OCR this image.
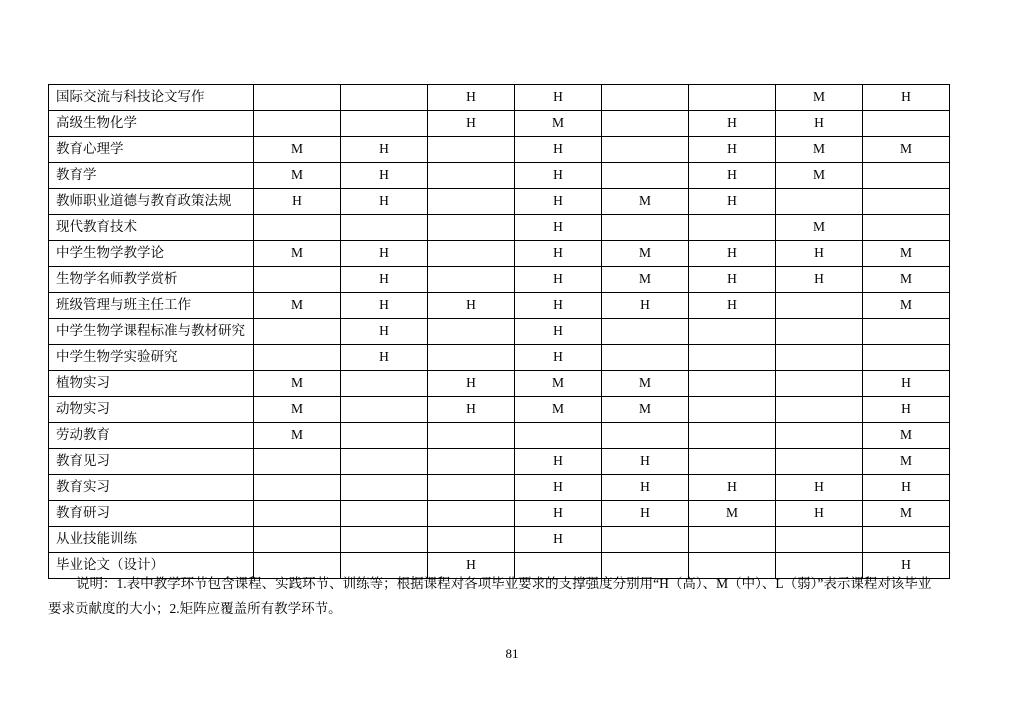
国际交流与科技论文写作			H	H			M	H
高级生物化学			H	M		H	H	
教育心理学	M	H		H		H	M	M
教育学	M	H		H		H	M	
教师职业道德与教育政策法规	H	H		H	M	H		
现代教育技术				H			M	
中学生物学教学论	M	H		H	M	H	H	M
生物学名师教学赏析		H		H	M	H	H	M
班级管理与班主任工作	M	H	H	H	H	H		M
中学生物学课程标准与教材研究		H		H				
中学生物学实验研究		H		H				
植物实习	M		H	M	M			H
动物实习	M		H	M	M			H
劳动教育	M							M
教育见习				H	H			M
教育实习				H	H	H	H	H
教育研习				H	H	M	H	M
从业技能训练				H				
毕业论文（设计）			H					H

说明：1.表中教学环节包含课程、实践环节、训练等；根据课程对各项毕业要求的支撑强度分别用“H（高）、M（中）、L（弱）”表示课程对该毕业

要求贡献度的大小；2.矩阵应覆盖所有教学环节。

81
